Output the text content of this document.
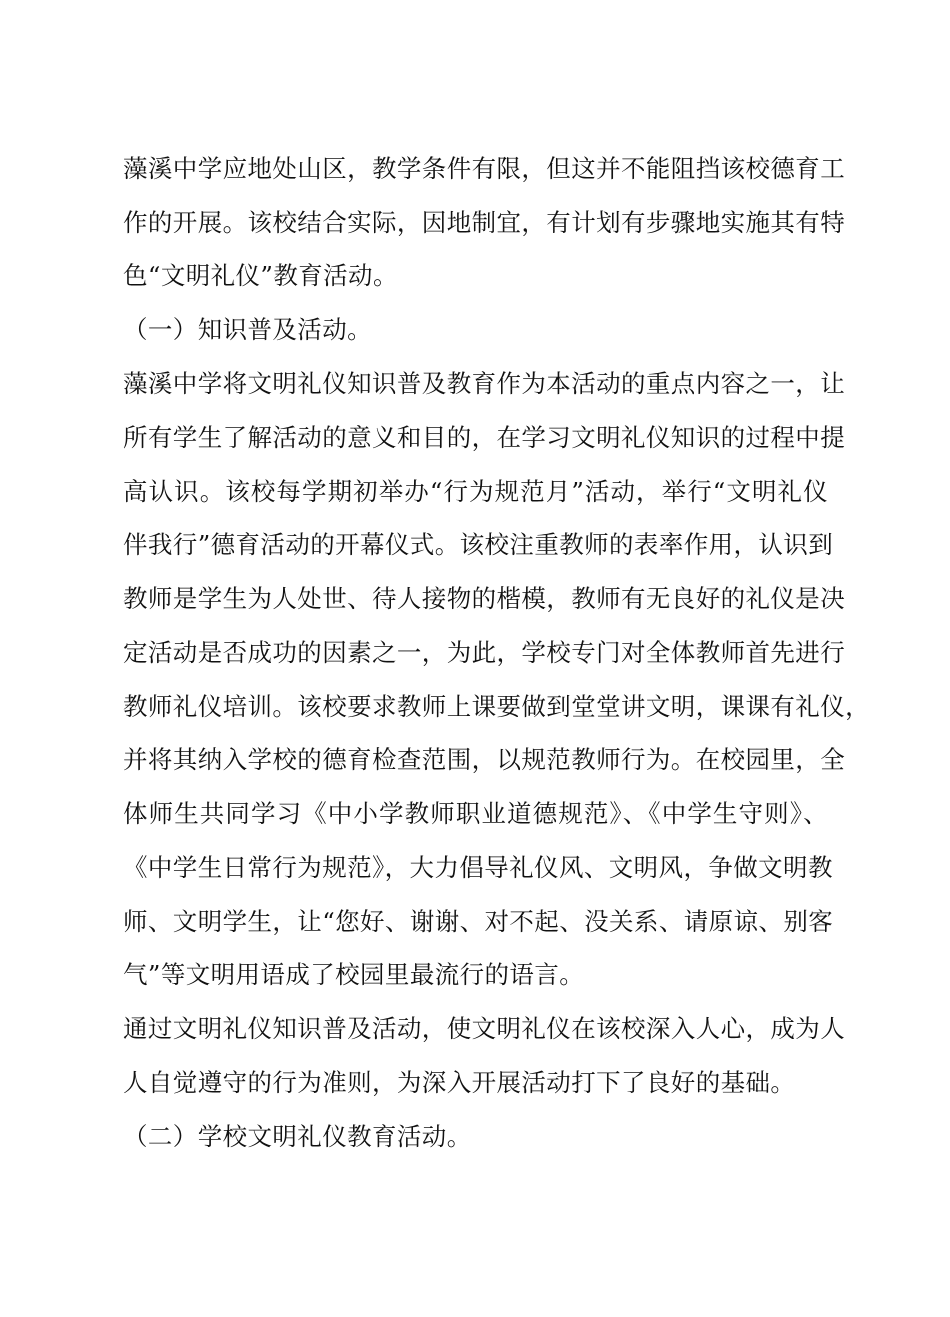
藻溪中学应地处山区，教学条件有限，但这并不能阻挡该校德育工
作的开展。该校结合实际，因地制宜，有计划有步骤地实施其有特
色“文明礼仪”教育活动。
（一）知识普及活动。
藻溪中学将文明礼仪知识普及教育作为本活动的重点内容之一，让
所有学生了解活动的意义和目的，在学习文明礼仪知识的过程中提
高认识。该校每学期初举办“行为规范月”活动，举行“文明礼仪
伴我行”德育活动的开幕仪式。该校注重教师的表率作用，认识到
教师是学生为人处世、待人接物的楷模，教师有无良好的礼仪是决
定活动是否成功的因素之一，为此，学校专门对全体教师首先进行
教师礼仪培训。该校要求教师上课要做到堂堂讲文明，课课有礼仪，
并将其纳入学校的德育检查范围，以规范教师行为。在校园里，全
体师生共同学习《中小学教师职业道德规范》、《中学生守则》、
《中学生日常行为规范》，大力倡导礼仪风、文明风，争做文明教
师、文明学生，让“您好、谢谢、对不起、没关系、请原谅、别客
气”等文明用语成了校园里最流行的语言。
通过文明礼仪知识普及活动，使文明礼仪在该校深入人心，成为人
人自觉遵守的行为准则，为深入开展活动打下了良好的基础。
（二）学校文明礼仪教育活动。
